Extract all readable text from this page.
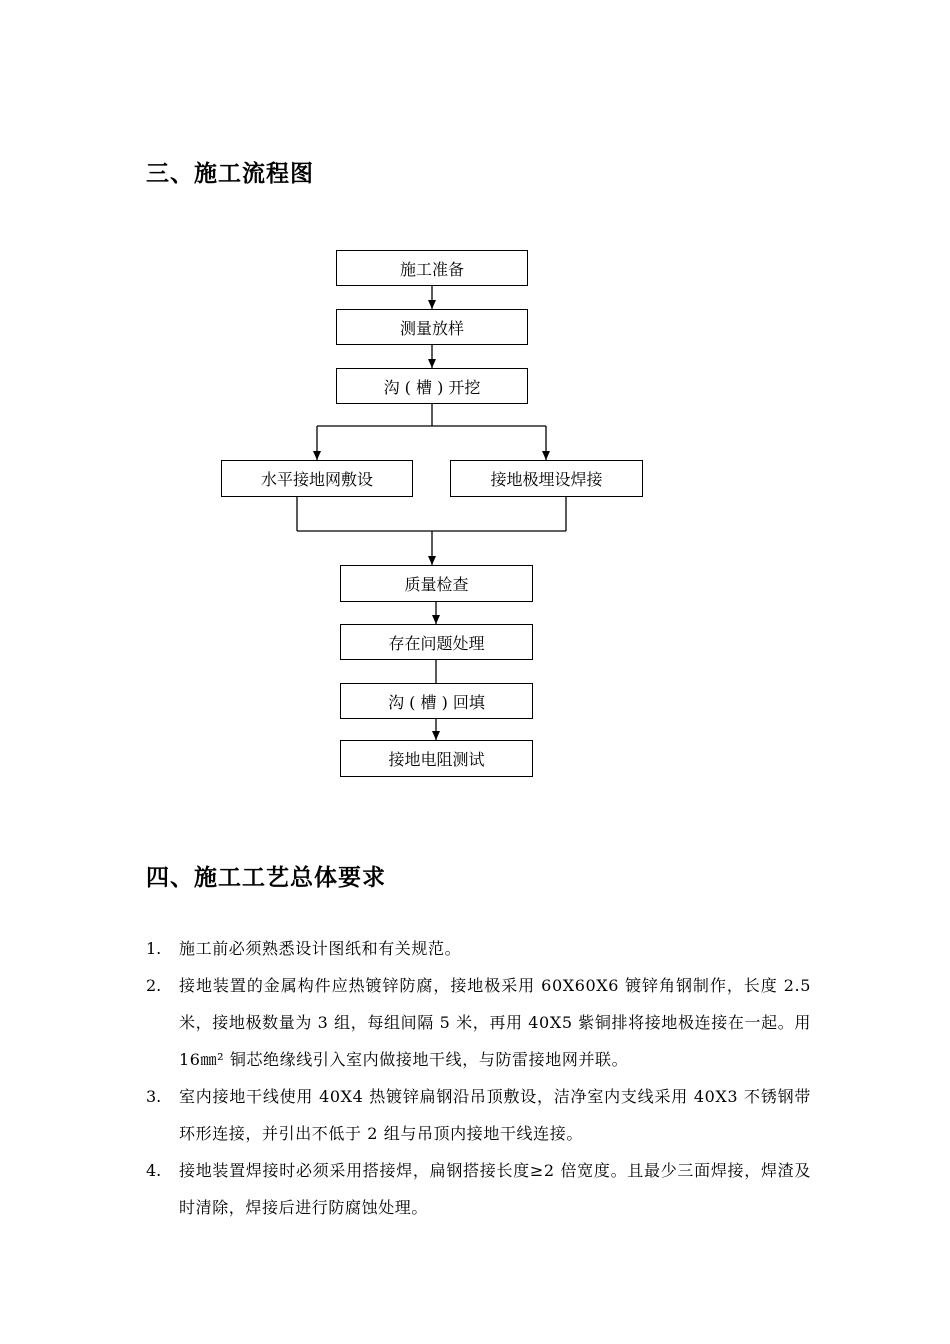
三、施工流程图
施工准备
测量放样
沟 ( 槽 ) 开挖
水平接地网敷设	接地极埋设焊接
质量检查
存在问题处理
沟 ( 槽 ) 回填
接地电阻测试
四、施工工艺总体要求
1.	施工前必须熟悉设计图纸和有关规范。
2.	接地装置的金属构件应热镀锌防腐，接地极采用 60X60X6 镀锌角钢制作，长度 2.5 米，接地极数量为 3 组，每组间隔 5 米，再用 40X5 紫铜排将接地极连接在一起。用 16㎜² 铜芯绝缘线引入室内做接地干线，与防雷接地网并联。
3.	室内接地干线使用 40X4 热镀锌扁钢沿吊顶敷设，洁净室内支线采用 40X3 不锈钢带环形连接，并引出不低于 2 组与吊顶内接地干线连接。
4.	接地装置焊接时必须采用搭接焊，扁钢搭接长度≥2 倍宽度。且最少三面焊接，焊渣及时清除，焊接后进行防腐蚀处理。
